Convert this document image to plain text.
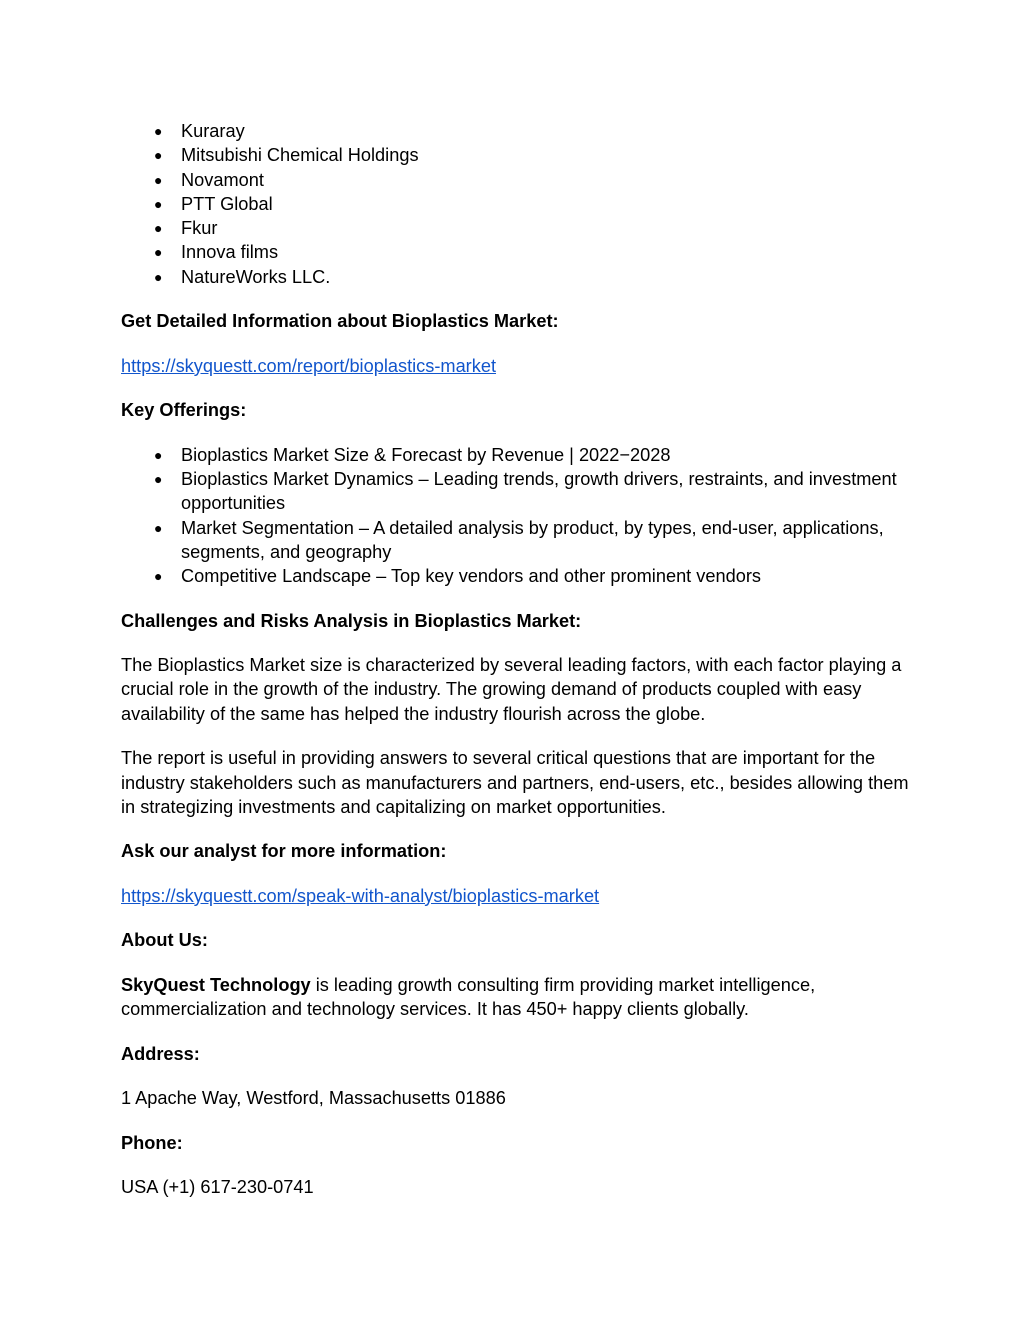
● Kuraray
● Mitsubishi Chemical Holdings
● Novamont
● PTT Global
● Fkur
● Innova films
● NatureWorks LLC.
Get Detailed Information about Bioplastics Market:
https://skyquestt.com/report/bioplastics-market
Key Offerings:
● Bioplastics Market Size & Forecast by Revenue | 2022−2028
● Bioplastics Market Dynamics – Leading trends, growth drivers, restraints, and investment opportunities
● Market Segmentation – A detailed analysis by product, by types, end-user, applications, segments, and geography
● Competitive Landscape – Top key vendors and other prominent vendors
Challenges and Risks Analysis in Bioplastics Market:
The Bioplastics Market size is characterized by several leading factors, with each factor playing a crucial role in the growth of the industry. The growing demand of products coupled with easy availability of the same has helped the industry flourish across the globe.
The report is useful in providing answers to several critical questions that are important for the industry stakeholders such as manufacturers and partners, end-users, etc., besides allowing them in strategizing investments and capitalizing on market opportunities.
Ask our analyst for more information:
https://skyquestt.com/speak-with-analyst/bioplastics-market
About Us:
SkyQuest Technology is leading growth consulting firm providing market intelligence, commercialization and technology services. It has 450+ happy clients globally.
Address:
1 Apache Way, Westford, Massachusetts 01886
Phone:
USA (+1) 617-230-0741
